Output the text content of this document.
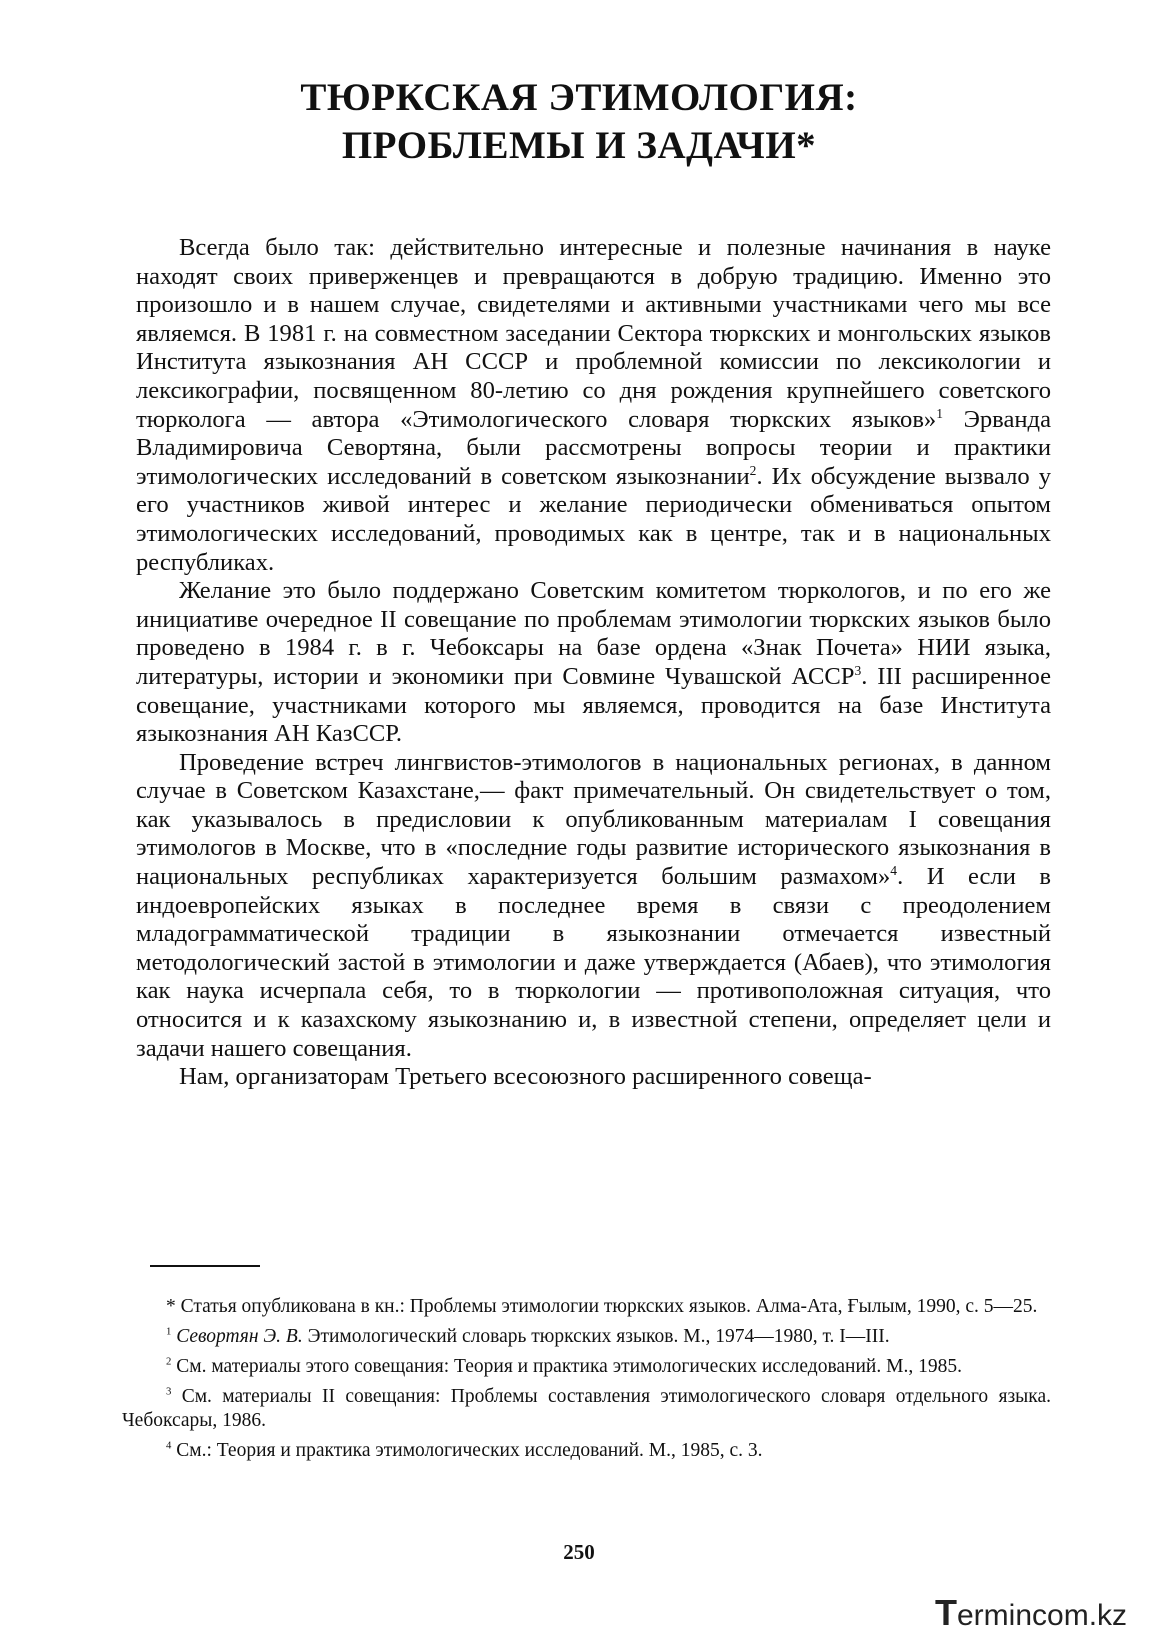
ТЮРКСКАЯ ЭТИМОЛОГИЯ:
ПРОБЛЕМЫ И ЗАДАЧИ*

Всегда было так: действительно интересные и полезные начинания в науке находят своих приверженцев и превращаются в добрую традицию. Именно это произошло и в нашем случае, свидетелями и активными участниками чего мы все являемся. В 1981 г. на совместном заседании Сектора тюркских и монгольских языков Института языкознания АН СССР и проблемной комиссии по лексикологии и лексикографии, посвященном 80-летию со дня рождения крупнейшего советского тюрколога — автора «Этимологического словаря тюркских языков»$^1$ Эрванда Владимировича Севортяна, были рассмотрены вопросы теории и практики этимологических исследований в советском языкознании$^2$. Их обсуждение вызвало у его участников живой интерес и желание периодически обмениваться опытом этимологических исследований, проводимых как в центре, так и в национальных республиках.

Желание это было поддержано Советским комитетом тюркологов, и по его же инициативе очередное II совещание по проблемам этимологии тюркских языков было проведено в 1984 г. в г. Чебоксары на базе ордена «Знак Почета» НИИ языка, литературы, истории и экономики при Совмине Чувашской АССР$^3$. III расширенное совещание, участниками которого мы являемся, проводится на базе Института языкознания АН КазССР.

Проведение встреч лингвистов-этимологов в национальных регионах, в данном случае в Советском Казахстане,— факт примечательный. Он свидетельствует о том, как указывалось в предисловии к опубликованным материалам I совещания этимологов в Москве, что в «последние годы развитие исторического языкознания в национальных республиках характеризуется большим размахом»$^4$. И если в индоевропейских языках в последнее время в связи с преодолением младограмматической традиции в языкознании отмечается известный методологический застой в этимологии и даже утверждается (Абаев), что этимология как наука исчерпала себя, то в тюркологии — противоположная ситуация, что относится и к казахскому языкознанию и, в известной степени, определяет цели и задачи нашего совещания.

Нам, организаторам Третьего всесоюзного расширенного совеща-

* Статья опубликована в кн.: Проблемы этимологии тюркских языков. Алма-Ата, Ғылым, 1990, с. 5—25.

$^1$ Севортян Э. В. Этимологический словарь тюркских языков. М., 1974—1980, т. I—III.

$^2$ См. материалы этого совещания: Теория и практика этимологических исследований. М., 1985.

$^3$ См. материалы II совещания: Проблемы составления этимологического словаря отдельного языка. Чебоксары, 1986.

$^4$ См.: Теория и практика этимологических исследований. М., 1985, с. 3.

250
Termincom.kz
